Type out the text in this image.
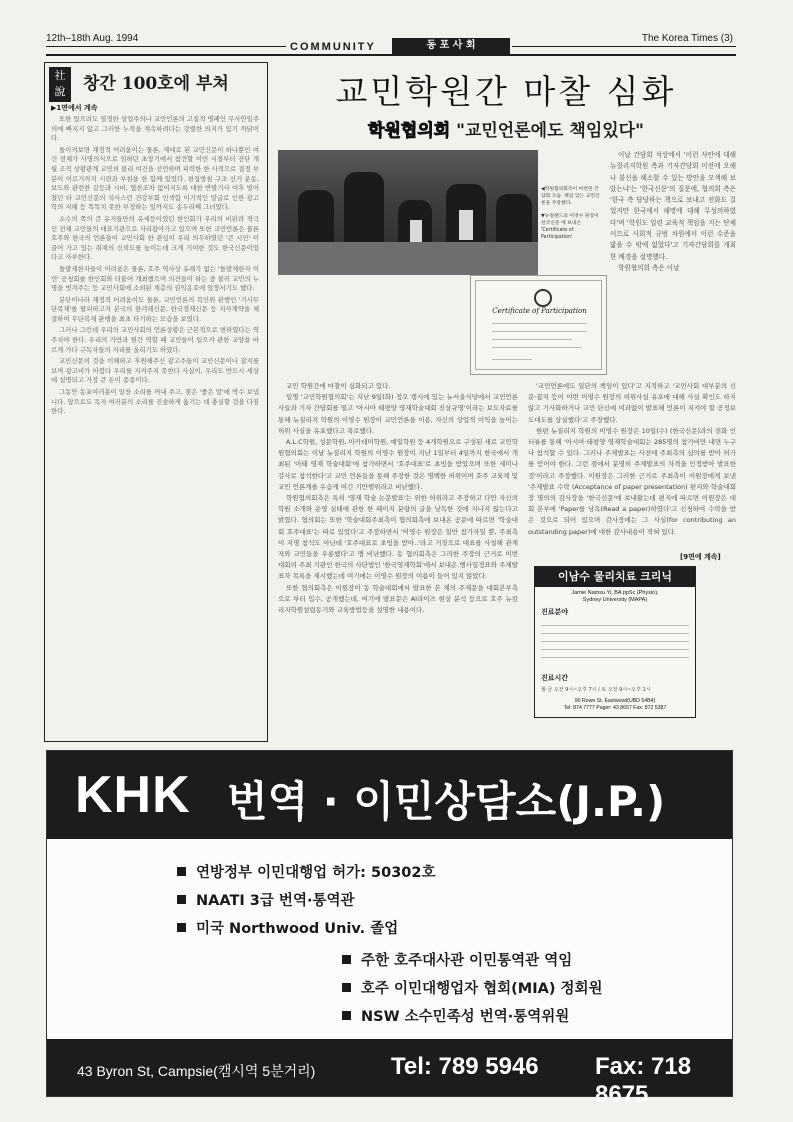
12th–18th Aug. 1994
COMMUNITY	동 포 사 회
The Korea Times (3)
社
說	창간 100호에 부쳐
▶1면에서 계속

또한 있으려도 열정한 상업주의나 교민언론의 고질적 병폐인 무사안일주의에 빠지지 않고 그러한 누적을 계속하려다는 강렬한 의지가 있기 까닭이다.

돌이켜보면 재정적 어려움이는 물론, 제대로 된 교민신문이 하나뿐인 여건 전체가 사명의식으로 임하던 초창기에서 참견할 이민 시절부터 전단 개월 조직 상황관계 교민의 불리 여건을 선언하며 피력한 한 사적으로 결정 부분이 이르기까지 시련과 부침을 한 함께 있었다. 편집방침 구조 선거 운동, 보도와 관련한 갈등과 시비, 협찬조차 없어지도록 대한 반발기사 이후 벌어졌던 타 교민신문의 치사스런 견강부회 인색함 이기적인 말글로 인한 광고학의 저해 등 똑똑치 못한 부정하는 일까지도 송두리째 그녀였다.

소수의 쪽의 큰 유지들만의 유세등이었던 한인회가 우리의 비판과 적극인 전체 교민들의 대표기관으로 자리잡아가고 있으며 또한 교민언론은 물론 호주와 한국의 언론들이 교민사회 한 관심이 우리 의무하였던 '큰 시인' 이끌어 가고 있는 취재의 신뢰도를 높이는데 크게 기여한 것도 한국신문이었다고 자부한다.

돌발제한자들이 어려움은 물론, 호주 역사상 유례가 없는 '돌발제한자 이민' 공청회를 한인회와 더불어 개최했으며 의견들이 하는 중 불러 교민의 누명을 벗겨주는 등 교민사회에 소외된 계층의 권익옹호에 앞장서기도 했다.

분단이나라 재정적 어려움이도 물론, 교민언론의 목인위 관행인 '기사무단복제'를 탈피하고자 본국의 한겨레신문, 한국경제신문 등 지사계약을 체결하여 무단복제 관행을 최초 타기하는 모습을 보였다.

그러나 그런데 우리의 교민사회의 언론상황은 근본적으로 변하였다는 역주치야 한다. 우리의 가만과 원간 역할 때 교민들이 일으켜 관한 교양을 바르게 가다 구독자들의 자리를 올리기도 하였다.

교민신문의 것을 이해하고 후원해주신 광고주들이 교민신문이나 잡지를 보며 광고비가 아깝다 우리를 지켜주지 못한다 사실이, 우리도 반드시 세상에 설명되고 가장 큰 돈이 종종이다.

그동안 동포여러분이 알찬 소리를 꺼내 주고, 찾은 '좋은 말'에 박수 보냅니다. 앞으로도 독자 여러분의 소리를 진솔하게 옮기는 데 충실할 것을 다짐한다.

교민학원간 마찰 심화
학원협의회 "교민언론에도 책임있다"
◀학원협의회측이 마련한 간담회 모습. 책임 있는 교민언론을 주장했다.
▼뉴질랜드의 이영수 원장이 한국신문 에 보내온 'Certificate of Participation'
Certificate of Participation

이날 간담회 석상에서 '이런 사안에 대해 뉴질리지학원 측과 기자간담회 이전에 오해나 불신을 해소할 수 있는 방안을 모색해 보았는냐'는 '한국신문'의 질문에, 협의회 측은 '한국 측 담당하는 책으로 보내고 전화도 걸었지만 한국에서 해명에 대해 무성의하였다'며 '학원도 일련 교육적 책임을 지는 단체이므로 사회적 규범 차원에서 이런 수준을 밟을 수 밖에 없었다'고 기자간담회를 개최한 배경을 설명했다.

학원협의회 측은 이날

교민 학원간에 마찰이 심화되고 있다.

일명 '교민학원협의회'는 지난 9일(화) 정오 캠시에 있는 뉴서울식당에서 교민언론사들과 기자 간담회를 열고 '아시아 태평양 영재학술대회 진상규명'이라는 보도자료를 통해 뉴질리지 학원의 이영수 원장이 교민언론을 이용, 자신의 상업적 이익을 높이는 허위 사실을 유포했다고 폭로했다.

A.L.C학원, 성문학원, 아카데미학원, 예일학원 등 4개학원으로 구성된 새로 교민학원협의회는 이날 뉴질리지 학원의 이영수 원장이 지난 1일부터 4일까지 한국에서 개최된 '아태 영재 학술대회'에 참가하면서 '호주대표'로 초빙을 받았으며 또한 세미나 강사로 참석한다'고 교민 언론들을 통해 주장한 것은 명백한 허위이며 호주 교육계 및 교민 언론계를 우습게 여긴 기만행위라고 비난했다.

학원협의회측은 특히 '영재 학술 논문발표'는 위한 허위라고 주장하고 다만 자신의 학원 소개와 운영 실태에 관한 한 페이지 분량의 글을 낭독한 것에 지나지 않는다고 밝혔다. 협의회는 또한 '학술대회주최측이 협의회측에 보내온 공문에 따르면 '학술대회 호주대표'는 따로 있었다'고 주장하면서 '이영수 원장은 일반 참가자일 뿐, 주최측이 지명 참석도 아닌데 '호주대표로 초빙을 받아..'라고 거짓으로 대표를 사칭해 관계자와 교민들을 우롱했다'고 맹 비난했다. 동 협의회측은 그러한 주장의 근거로 이번 대회의 주최 기관인 한국의 사단법인 '한국영재학회'에서 보내온 행사일정표와 주제발표자 목록을 제시했는데 여기에는 이영수 원장의 이름이 들어 있지 않았다.

또한 협의회측은 이원장이 동 학술대회에서 발표한 본 제의 주제문을 대회본부측으로 부터 입수, 공개했는데, 여기에 발표문은 AI라이즈 현상 분석 등으로 호주 뉴캄리지학원설립동기와 교육방법등을 설명한 내용이다.

'교민언론에도 일단의 책임이 있다'고 지적하고 '교민사회 대부분의 신문·잡지 등이 이번 이영수 원장의 허위사실 유포에 대해 사실 확인도 하지 않고 기사화하거나 교민 단신에 여과없이 발표해 언론이 지켜야 할 공정보도대도를 상실했다'고 주장했다.

한편 뉴질리지 학원의 이영수 원장은 10일(수) (한국신문)과의 전화 인터뷰를 통해 '아시아·태평양 영재학술대회는 285명의 참가비만 내면 누구나 참석할 수 있다. 그러나 주제발표는 사전에 주최측의 심의를 받아 허가를 얻어야 한다. 그런 점에서 분명히 주제발표의 자격을 인정받아 발표한 것'이라고 주장했다. 이원장은 그러한 근거로 주최측이 이원장에게 보낸 '주제발표 수락 (Acceptance of paper presentation) 편지와 학술대회장 명의의 감사장을 '한국신문'에 보내왔는데 편지에 따르면 이원장은 대회 본부에 'Paper를 낭독(Read a paper)하였다'고 신청하여 수락을 받은 것으로 되어 있으며 감사장에는 그 사실(for contributing an outstanding paper)에 대한 감사내용이 적혀 있다.

[9면에 계속]
이남수 물리치료 크리닉
Jamie Namsu Yi, BA ppSc (Physio),
Sydney University (MAPA)
진료분야
진료시간
월·금 오전 9시~오후 7시 / 토 오전 9시~오후 1시
90 Rowe St, Eastwood(UBD 54B4)
Tel: 874 7777 Pager: 43 8657 Fax: 872 5387
KHK 번역 · 이민상담소(J.P.)
연방정부 이민대행업 허가: 50302호
NAATI 3급 번역·통역관
미국 Northwood Univ. 졸업
주한 호주대사관 이민통역관 역임
호주 이민대행업자 협회(MIA) 정회원
NSW 소수민족성 번역·통역위원
43 Byron St, Campsie(캠시역 5분거리)	Tel: 789 5946 Fax: 718 8675
